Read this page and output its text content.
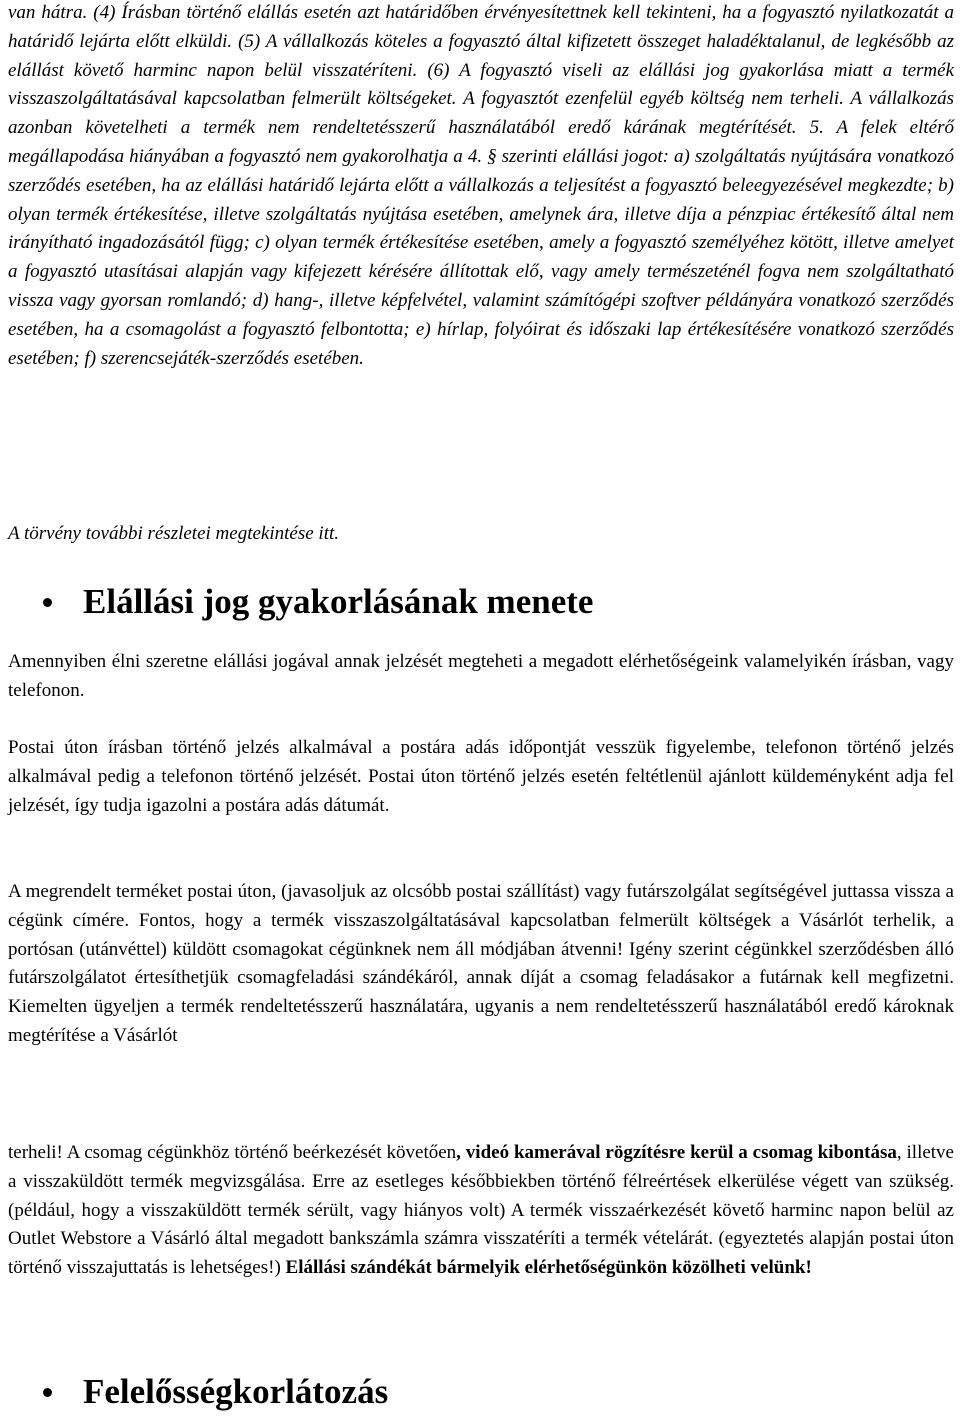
van hátra. (4) Írásban történő elállás esetén azt határidőben érvényesítettnek kell tekinteni, ha a fogyasztó nyilatkozatát a határidő lejárta előtt elküldi. (5) A vállalkozás köteles a fogyasztó által kifizetett összeget haladéktalanul, de legkésőbb az elállást követő harminc napon belül visszatéríteni. (6) A fogyasztó viseli az elállási jog gyakorlása miatt a termék visszaszolgáltatásával kapcsolatban felmerült költségeket. A fogyasztót ezenfelül egyéb költség nem terheli. A vállalkozás azonban követelheti a termék nem rendeltetésszerű használatából eredő kárának megtérítését. 5. A felek eltérő megállapodása hiányában a fogyasztó nem gyakorolhatja a 4. § szerinti elállási jogot: a) szolgáltatás nyújtására vonatkozó szerződés esetében, ha az elállási határidő lejárta előtt a vállalkozás a teljesítést a fogyasztó beleegyezésével megkezdte; b) olyan termék értékesítése, illetve szolgáltatás nyújtása esetében, amelynek ára, illetve díja a pénzpiac értékesítő által nem irányítható ingadozásától függ; c) olyan termék értékesítése esetében, amely a fogyasztó személyéhez kötött, illetve amelyet a fogyasztó utasításai alapján vagy kifejezett kérésére állítottak elő, vagy amely természeténél fogva nem szolgáltatható vissza vagy gyorsan romlandó; d) hang-, illetve képfelvétel, valamint számítógépi szoftver példányára vonatkozó szerződés esetében, ha a csomagolást a fogyasztó felbontotta; e) hírlap, folyóirat és időszaki lap értékesítésére vonatkozó szerződés esetében; f) szerencsejáték-szerződés esetében.

A törvény további részletei megtekintése itt.

Elállási jog gyakorlásának menete

Amennyiben élni szeretne elállási jogával annak jelzését megteheti a megadott elérhetőségeink valamelyikén írásban, vagy telefonon.

Postai úton írásban történő jelzés alkalmával a postára adás időpontját vesszük figyelembe, telefonon történő jelzés alkalmával pedig a telefonon történő jelzését. Postai úton történő jelzés esetén feltétlenül ajánlott küldeményként adja fel jelzését, így tudja igazolni a postára adás dátumát.

A megrendelt terméket postai úton, (javasoljuk az olcsóbb postai szállítást) vagy futárszolgálat segítségével juttassa vissza a cégünk címére. Fontos, hogy a termék visszaszolgáltatásával kapcsolatban felmerült költségek a Vásárlót terhelik, a portósan (utánvéttel) küldött csomagokat cégünknek nem áll módjában átvenni! Igény szerint cégünkkel szerződésben álló futárszolgálatot értesíthetjük csomagfeladási szándékáról, annak díját a csomag feladásakor a futárnak kell megfizetni. Kiemelten ügyeljen a termék rendeltetésszerű használatára, ugyanis a nem rendeltetésszerű használatából eredő károknak megtérítése a Vásárlót

terheli! A csomag cégünkhöz történő beérkezését követően, videó kamerával rögzítésre kerül a csomag kibontása, illetve a visszaküldött termék megvizsgálása. Erre az esetleges későbbiekben történő félreértések elkerülése végett van szükség. (például, hogy a visszaküldött termék sérült, vagy hiányos volt) A termék visszaérkezését követő harminc napon belül az Outlet Webstore a Vásárló által megadott bankszámla számra visszatéríti a termék vételárát. (egyeztetés alapján postai úton történő visszajuttatás is lehetséges!) Elállási szándékát bármelyik elérhetőségünkön közölheti velünk!

Felelősségkorlátozás
